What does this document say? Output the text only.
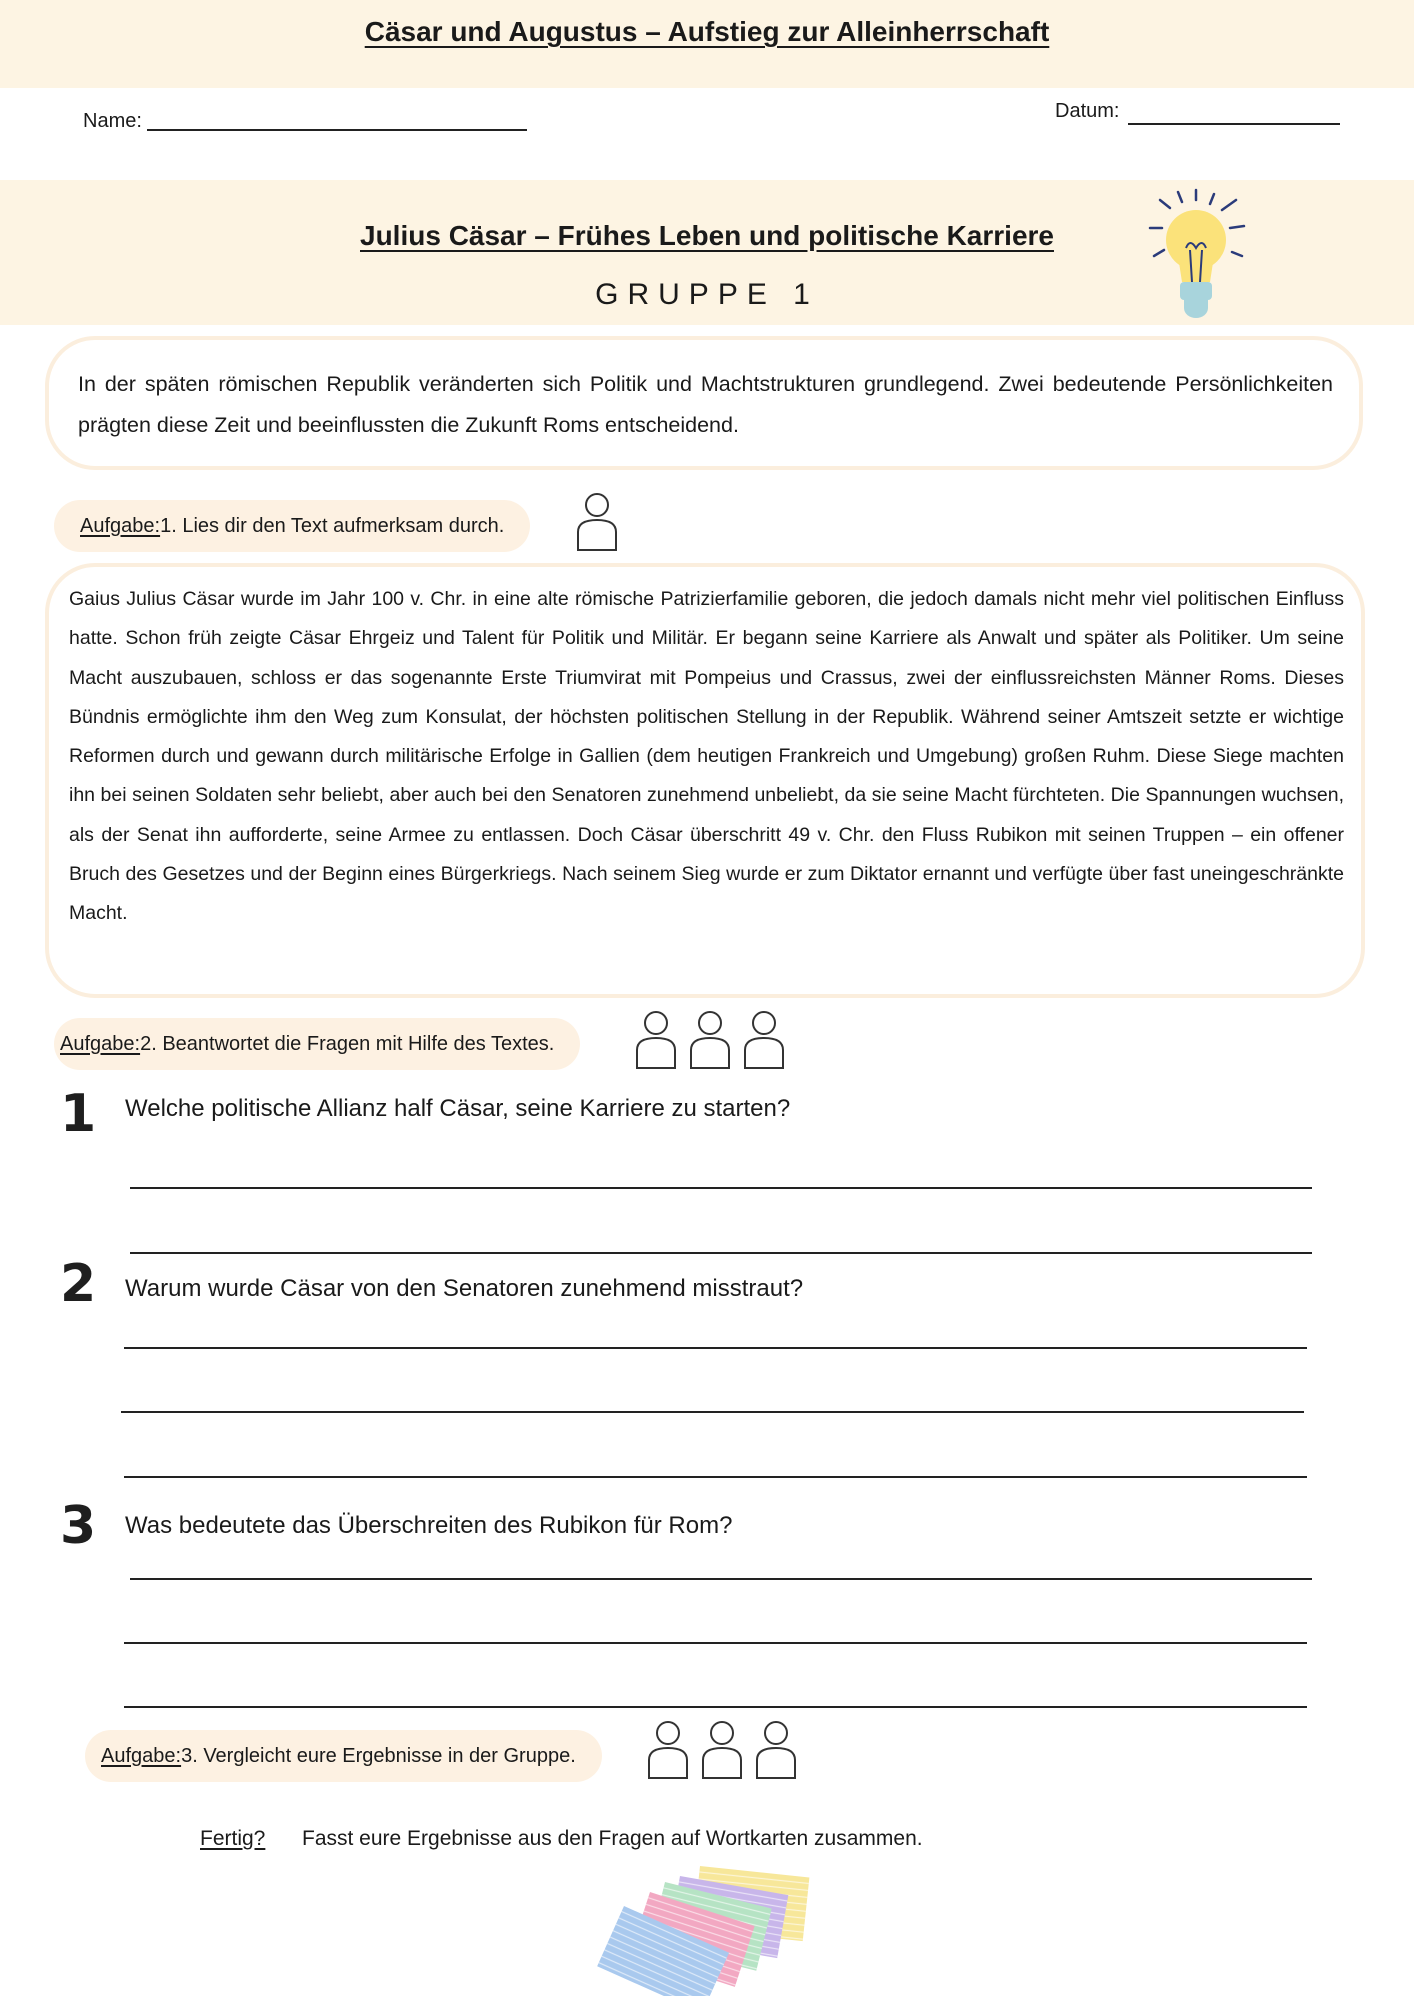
Cäsar und Augustus – Aufstieg zur Alleinherrschaft
Name:	Datum:
Julius Cäsar – Frühes Leben und politische Karriere
GRUPPE 1
In der späten römischen Republik veränderten sich Politik und Machtstrukturen grundlegend. Zwei bedeutende Persönlichkeiten prägten diese Zeit und beeinflussten die Zukunft Roms entscheidend.
Aufgabe: 1. Lies dir den Text aufmerksam durch.
Gaius Julius Cäsar wurde im Jahr 100 v. Chr. in eine alte römische Patrizierfamilie geboren, die jedoch damals nicht mehr viel politischen Einfluss hatte. Schon früh zeigte Cäsar Ehrgeiz und Talent für Politik und Militär. Er begann seine Karriere als Anwalt und später als Politiker. Um seine Macht auszubauen, schloss er das sogenannte Erste Triumvirat mit Pompeius und Crassus, zwei der einflussreichsten Männer Roms. Dieses Bündnis ermöglichte ihm den Weg zum Konsulat, der höchsten politischen Stellung in der Republik. Während seiner Amtszeit setzte er wichtige Reformen durch und gewann durch militärische Erfolge in Gallien (dem heutigen Frankreich und Umgebung) großen Ruhm. Diese Siege machten ihn bei seinen Soldaten sehr beliebt, aber auch bei den Senatoren zunehmend unbeliebt, da sie seine Macht fürchteten. Die Spannungen wuchsen, als der Senat ihn aufforderte, seine Armee zu entlassen. Doch Cäsar überschritt 49 v. Chr. den Fluss Rubikon mit seinen Truppen – ein offener Bruch des Gesetzes und der Beginn eines Bürgerkriegs. Nach seinem Sieg wurde er zum Diktator ernannt und verfügte über fast uneingeschränkte Macht.
Aufgabe: 2. Beantwortet die Fragen mit Hilfe des Textes.
1 Welche politische Allianz half Cäsar, seine Karriere zu starten?
2 Warum wurde Cäsar von den Senatoren zunehmend misstraut?
3 Was bedeutete das Überschreiten des Rubikon für Rom?
Aufgabe: 3. Vergleicht eure Ergebnisse in der Gruppe.
Fertig? Fasst eure Ergebnisse aus den Fragen auf Wortkarten zusammen.
